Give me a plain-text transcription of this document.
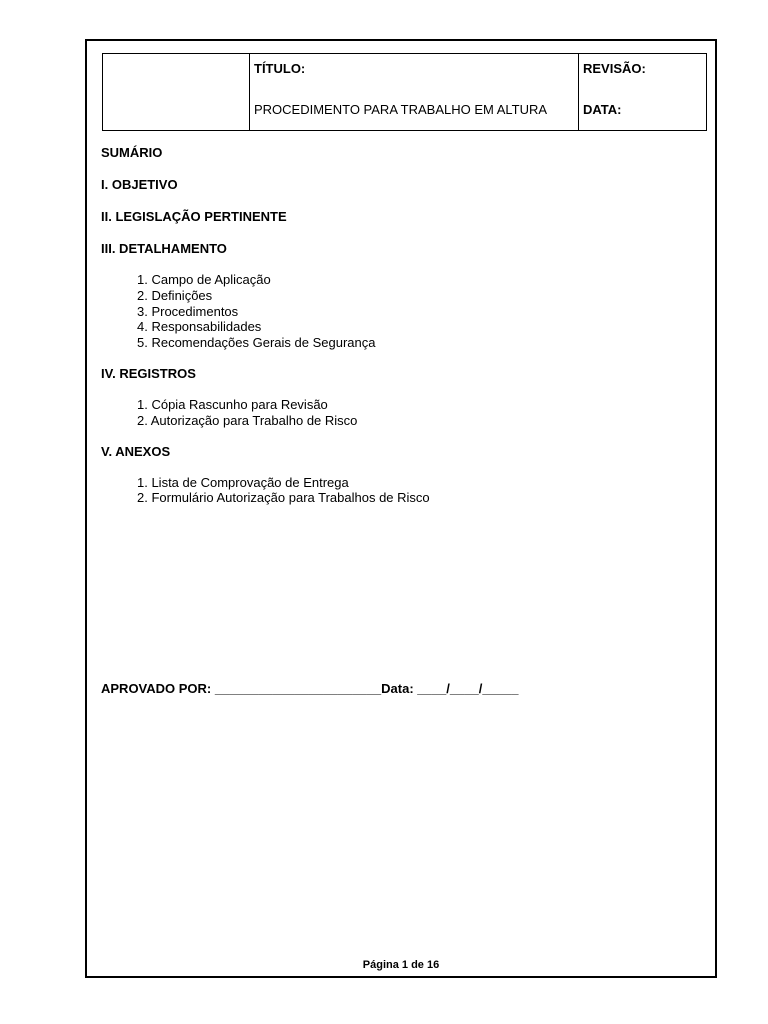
TÍTULO:
PROCEDIMENTO PARA TRABALHO EM ALTURA

REVISÃO:
DATA:

SUMÁRIO

I. OBJETIVO

II. LEGISLAÇÃO PERTINENTE

III. DETALHAMENTO

1. Campo de Aplicação
2. Definições
3. Procedimentos
4. Responsabilidades
5. Recomendações Gerais de Segurança

IV. REGISTROS

1. Cópia Rascunho para Revisão
2. Autorização para Trabalho de Risco

V. ANEXOS

1. Lista de Comprovação de Entrega
2. Formulário Autorização para Trabalhos de Risco
APROVADO POR: _______________________Data: ____/____/_____
Página 1 de 16
